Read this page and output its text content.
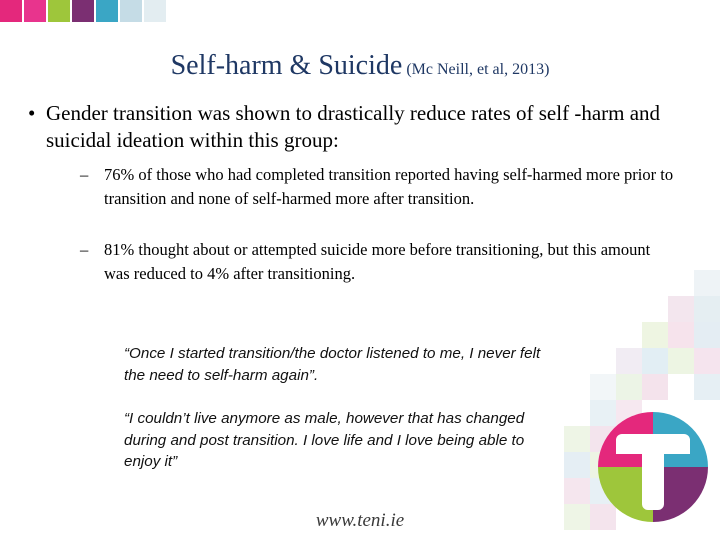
Self-harm & Suicide (Mc Neill, et al, 2013)
• Gender transition was shown to drastically reduce rates of self -harm and suicidal ideation within this group:
– 76% of those who had completed transition reported having self-harmed more prior to transition and none of self-harmed more after transition.
– 81% thought about or attempted suicide more before transitioning, but this amount was reduced to 4% after transitioning.
“Once I started transition/the doctor listened to me, I never felt the need to self-harm again”.
“I couldn’t live anymore as male, however that has changed during and post transition. I love life and I love being able to enjoy it”
www.teni.ie
